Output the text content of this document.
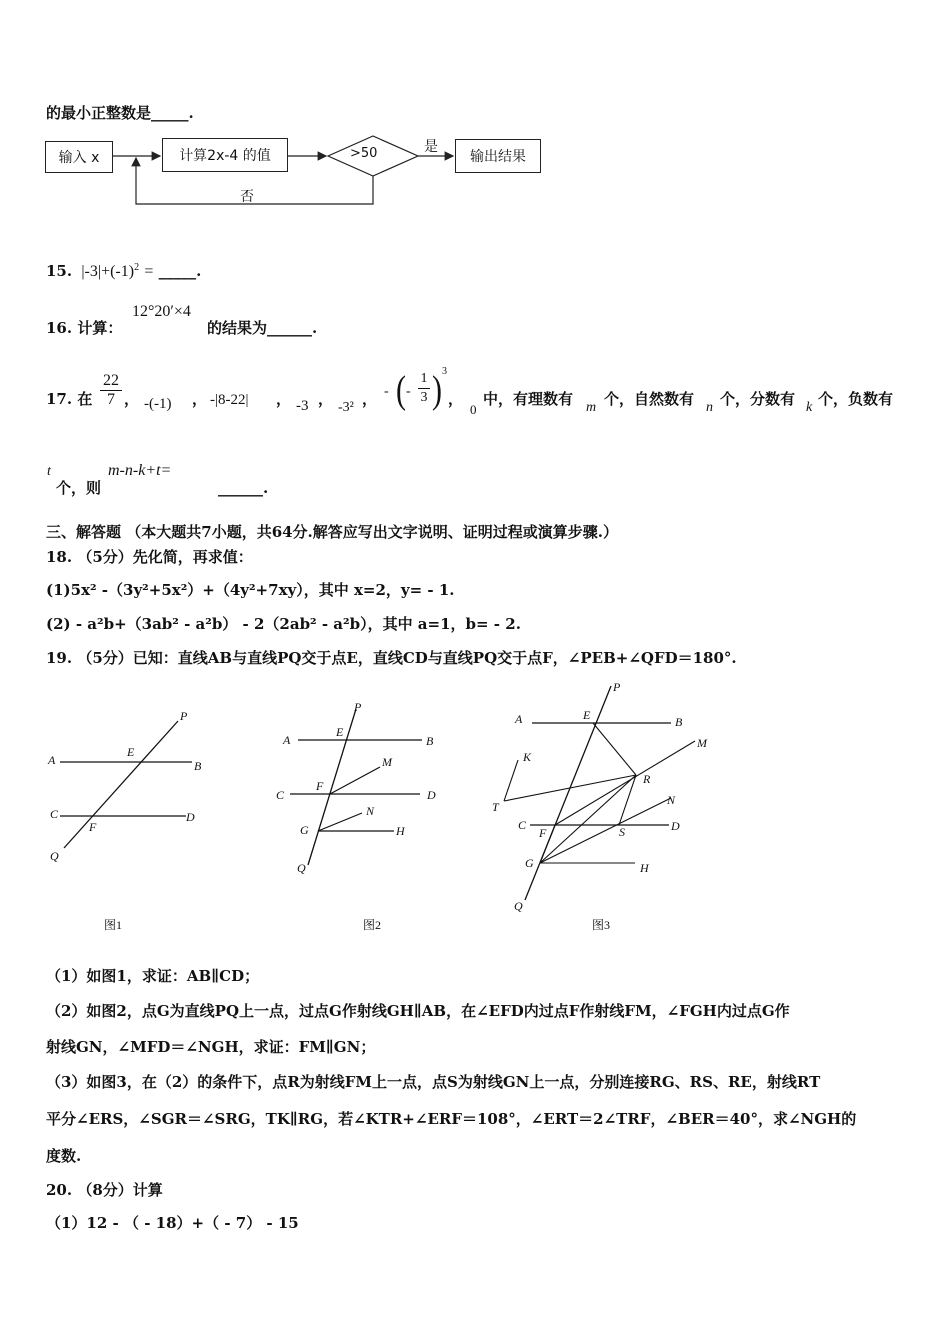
的最小正整数是_____.
输入 x	计算2x-4 的值	>50	是
否
输出结果
15. $|-3|+(-1)^2$ = _____.
16. 计算：
12°20′×4
的结果为______.
17. 在
22
7 ， -(-1) ， -|8-22| ， -3 ， -3² ， - ( -
1
3 ) 3
，
0
中，有理数有 m 个，自然数有 n 个，分数有 k 个，负数有
t
个，则
m-n-k+t=
______.
三、解答题 （本大题共7小题，共64分.解答应写出文字说明、证明过程或演算步骤.）
18. （5分）先化简，再求值：
(1)5x² -（3y²+5x²）+（4y²+7xy），其中 x=2，y= - 1.
(2) - a²b+（3ab² - a²b） - 2（2ab² - a²b），其中 a=1，b= - 2.
19. （5分）已知：直线AB与直线PQ交于点E，直线CD与直线PQ交于点F，∠PEB+∠QFD＝180°.
A	B
E
C	D
F
P
Q
图1
A	B
E
P
C	D
F
M
N
G	H
Q
图2
A	B
E
P
M
K
R
T	N
C
F	S	D
G	H
Q
图3
（1）如图1，求证：AB∥CD；
（2）如图2，点G为直线PQ上一点，过点G作射线GH∥AB，在∠EFD内过点F作射线FM，∠FGH内过点G作
射线GN，∠MFD＝∠NGH，求证：FM∥GN；
（3）如图3，在（2）的条件下，点R为射线FM上一点，点S为射线GN上一点，分别连接RG、RS、RE，射线RT
平分∠ERS，∠SGR＝∠SRG，TK∥RG，若∠KTR+∠ERF＝108°，∠ERT＝2∠TRF，∠BER＝40°，求∠NGH的
度数.
20. （8分）计算
（1）12 - （ - 18）+（ - 7） - 15
